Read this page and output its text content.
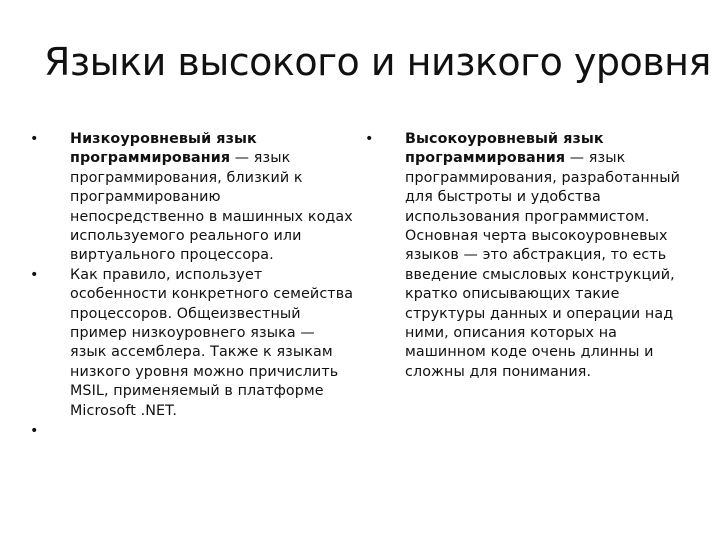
Языки высокого и низкого уровня
•	Низкоуровневый язык программирования — язык программирования, близкий к программированию непосредственно в машинных кодах используемого реального или виртуального процессора.
•	Как правило, использует особенности конкретного семейства процессоров. Общеизвестный пример низкоуровнего языка — язык ассемблера. Также к языкам низкого уровня можно причислить MSIL, применяемый в платформе Microsoft .NET.
•
•	Высокоуровневый язык программирования — язык программирования, разработанный для быстроты и удобства использования программистом. Основная черта высокоуровневых языков — это абстракция, то есть введение смысловых конструкций, кратко описывающих такие структуры данных и операции над ними, описания которых на машинном коде очень длинны и сложны для понимания.
